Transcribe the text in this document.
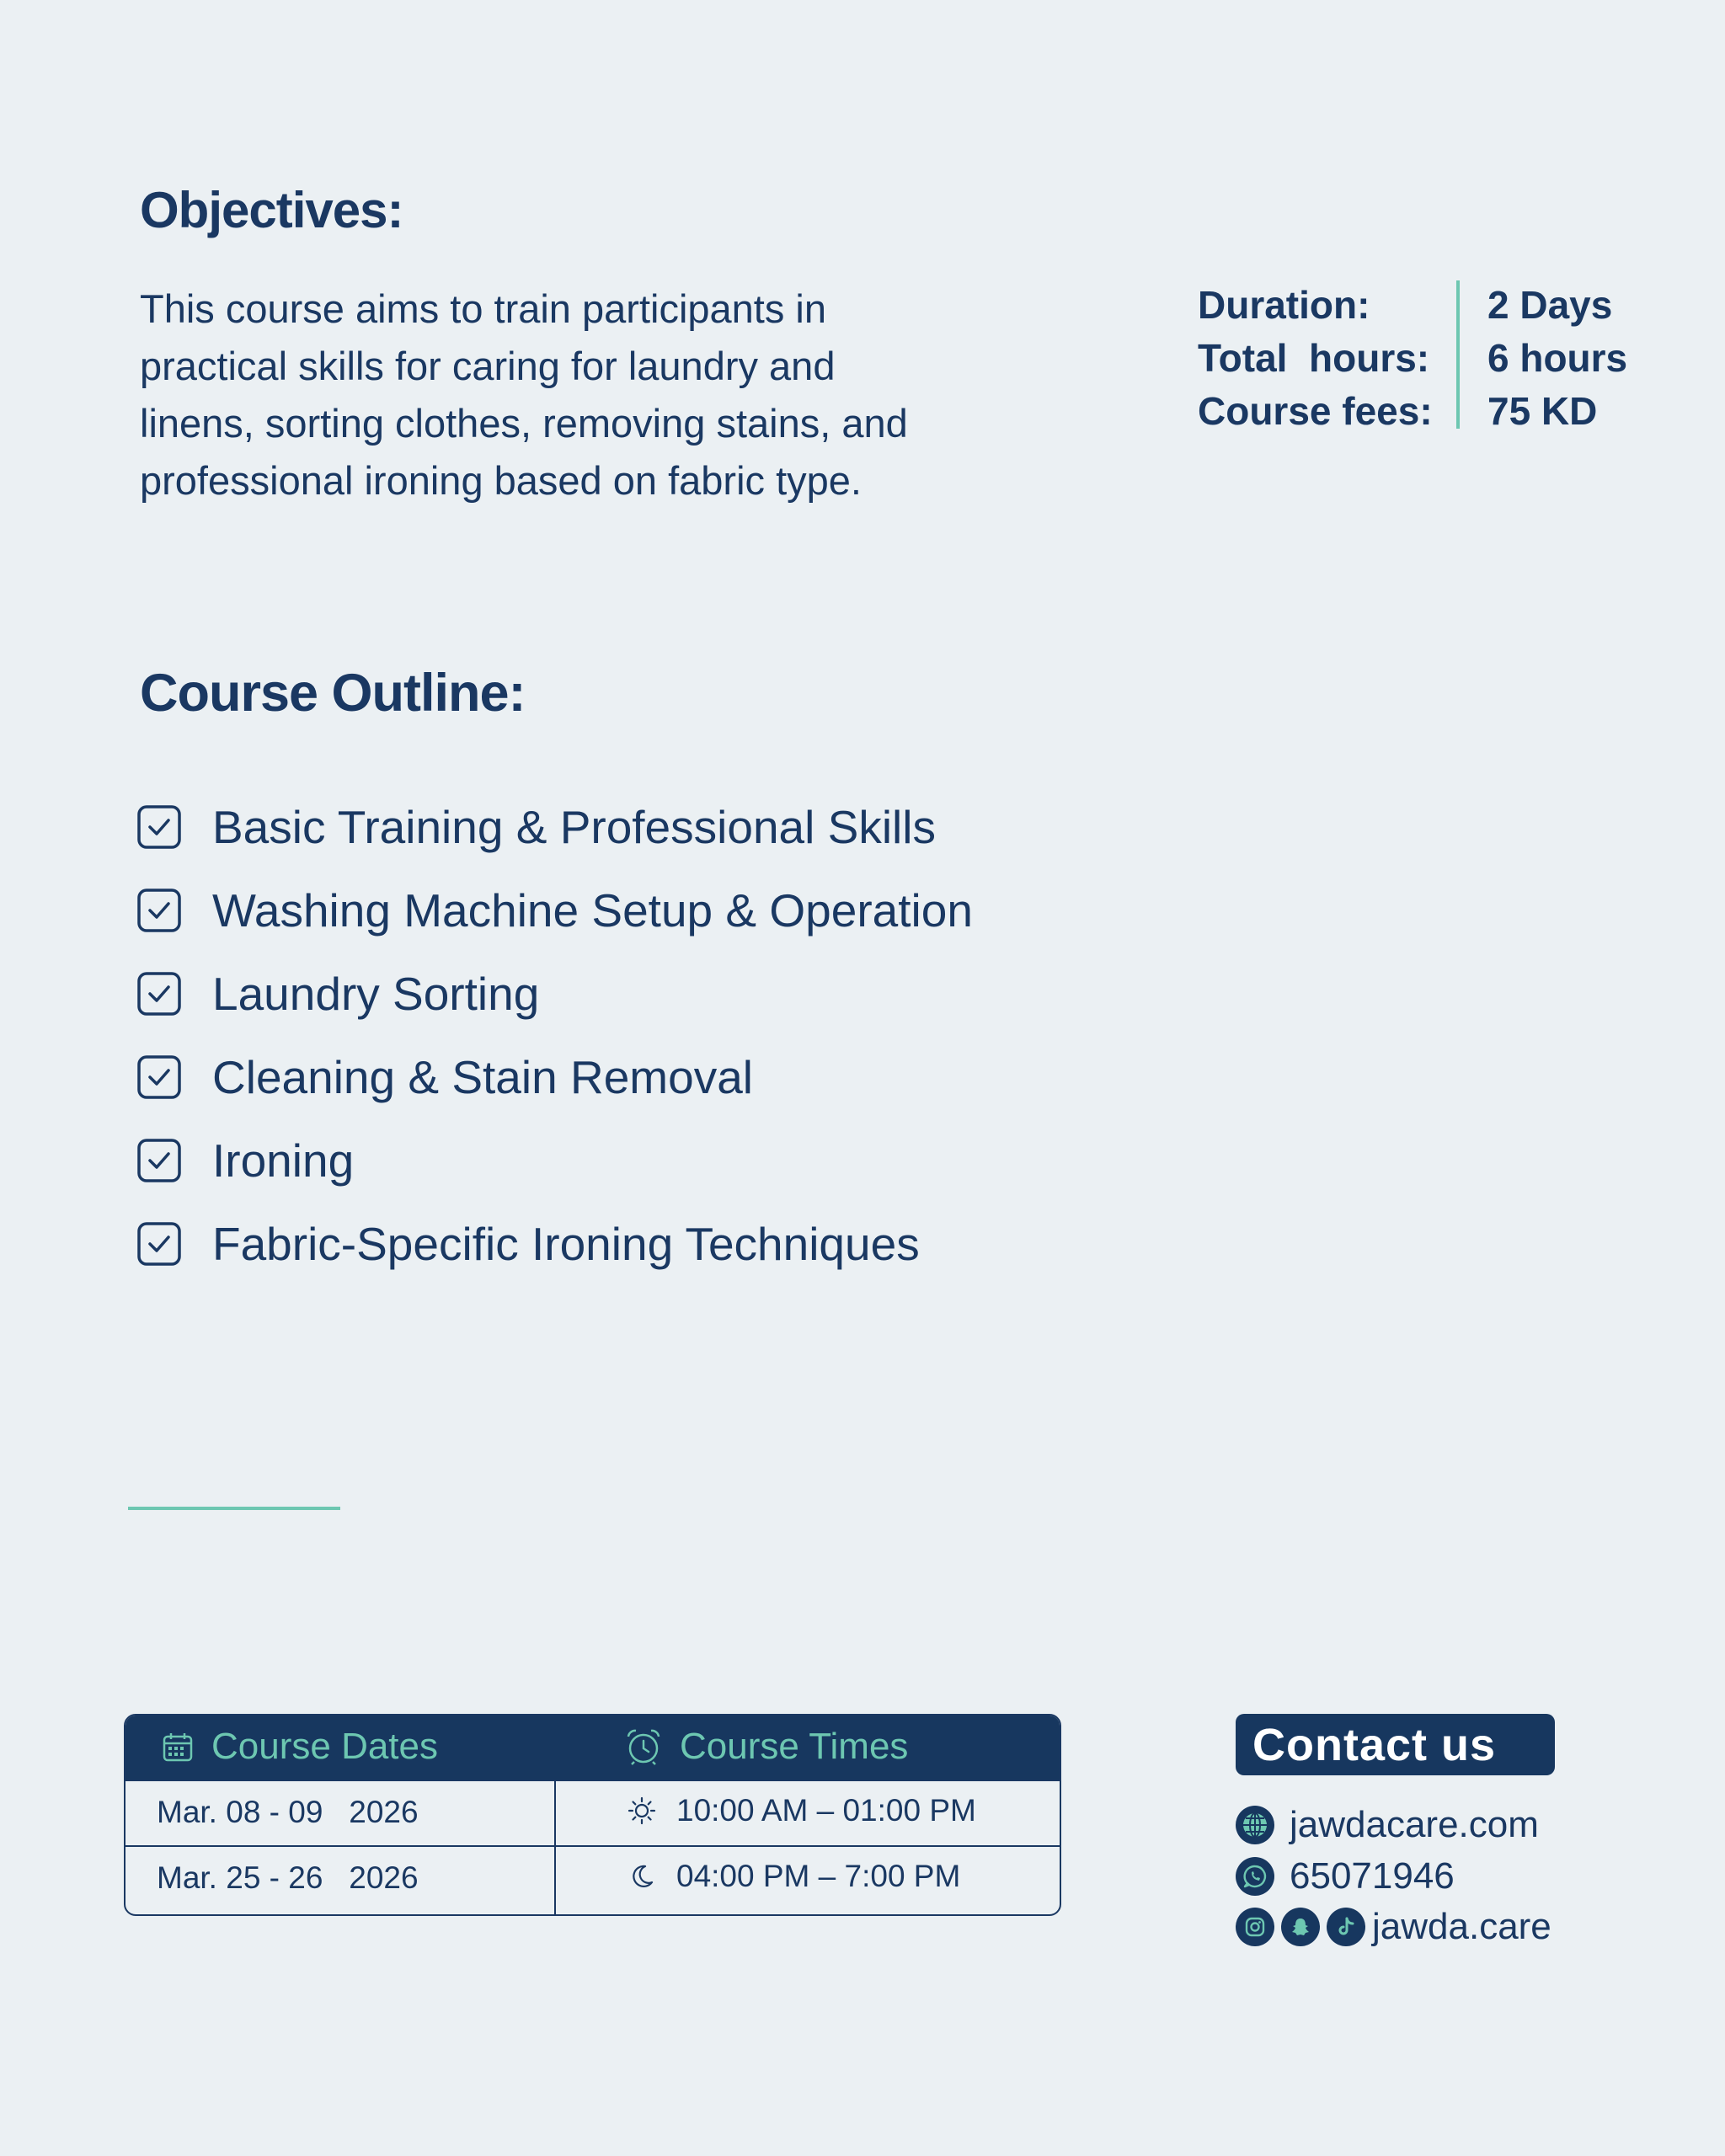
Objectives:
This course aims to train participants in practical skills for caring for laundry and linens, sorting clothes, removing stains, and professional ironing based on fabric type.
Duration:	2 Days
Total  hours:	6 hours
Course fees:	75 KD
Course Outline:
Basic Training & Professional Skills
Washing Machine Setup & Operation
Laundry Sorting
Cleaning & Stain Removal
Ironing
Fabric-Specific Ironing Techniques
Course Dates	Course Times
Mar. 08 - 09   2026	10:00 AM – 01:00 PM
Mar. 25 - 26   2026	04:00 PM – 7:00 PM
Contact us
jawdacare.com
65071946
jawda.care
